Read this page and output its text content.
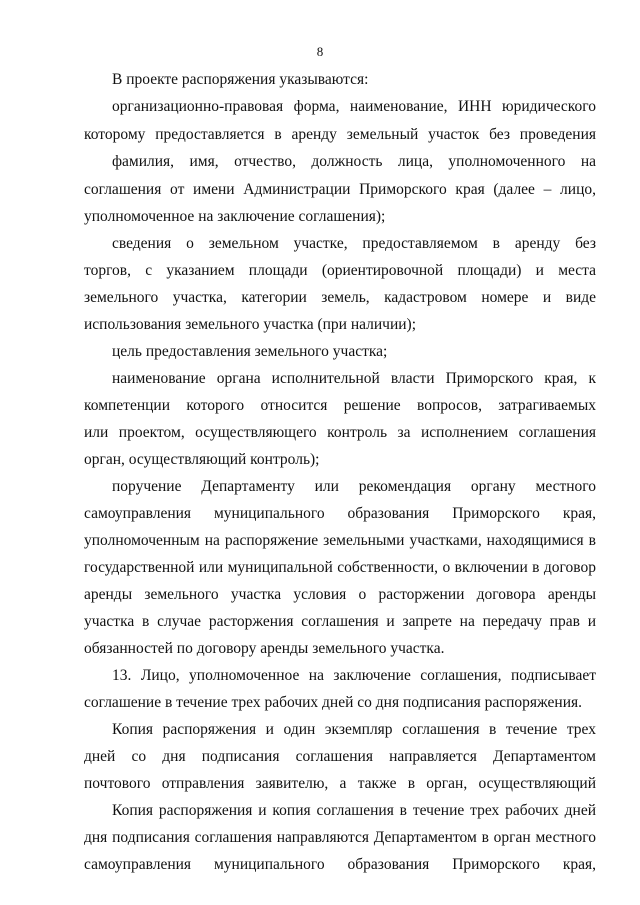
8
В проекте распоряжения указываются:
организационно-правовая форма, наименование, ИНН юридического
которому предоставляется в аренду земельный участок без проведения
фамилия, имя, отчество, должность лица, уполномоченного на
соглашения от имени Администрации Приморского края (далее – лицо,
уполномоченное на заключение соглашения);
сведения о земельном участке, предоставляемом в аренду без
торгов, с указанием площади (ориентировочной площади) и места
земельного участка, категории земель, кадастровом номере и виде
использования земельного участка (при наличии);
цель предоставления земельного участка;
наименование органа исполнительной власти Приморского края, к
компетенции которого относится решение вопросов, затрагиваемых
или проектом, осуществляющего контроль за исполнением соглашения
орган, осуществляющий контроль);
поручение Департаменту или рекомендация органу местного
самоуправления муниципального образования Приморского края,
уполномоченным на распоряжение земельными участками, находящимися в
государственной или муниципальной собственности, о включении в договор
аренды земельного участка условия о расторжении договора аренды
участка в случае расторжения соглашения и запрете на передачу прав и
обязанностей по договору аренды земельного участка.
13. Лицо, уполномоченное на заключение соглашения, подписывает
соглашение в течение трех рабочих дней со дня подписания распоряжения.
Копия распоряжения и один экземпляр соглашения в течение трех
дней со дня подписания соглашения направляется Департаментом
почтового отправления заявителю, а также в орган, осуществляющий
Копия распоряжения и копия соглашения в течение трех рабочих дней
дня подписания соглашения направляются Департаментом в орган местного
самоуправления муниципального образования Приморского края,
